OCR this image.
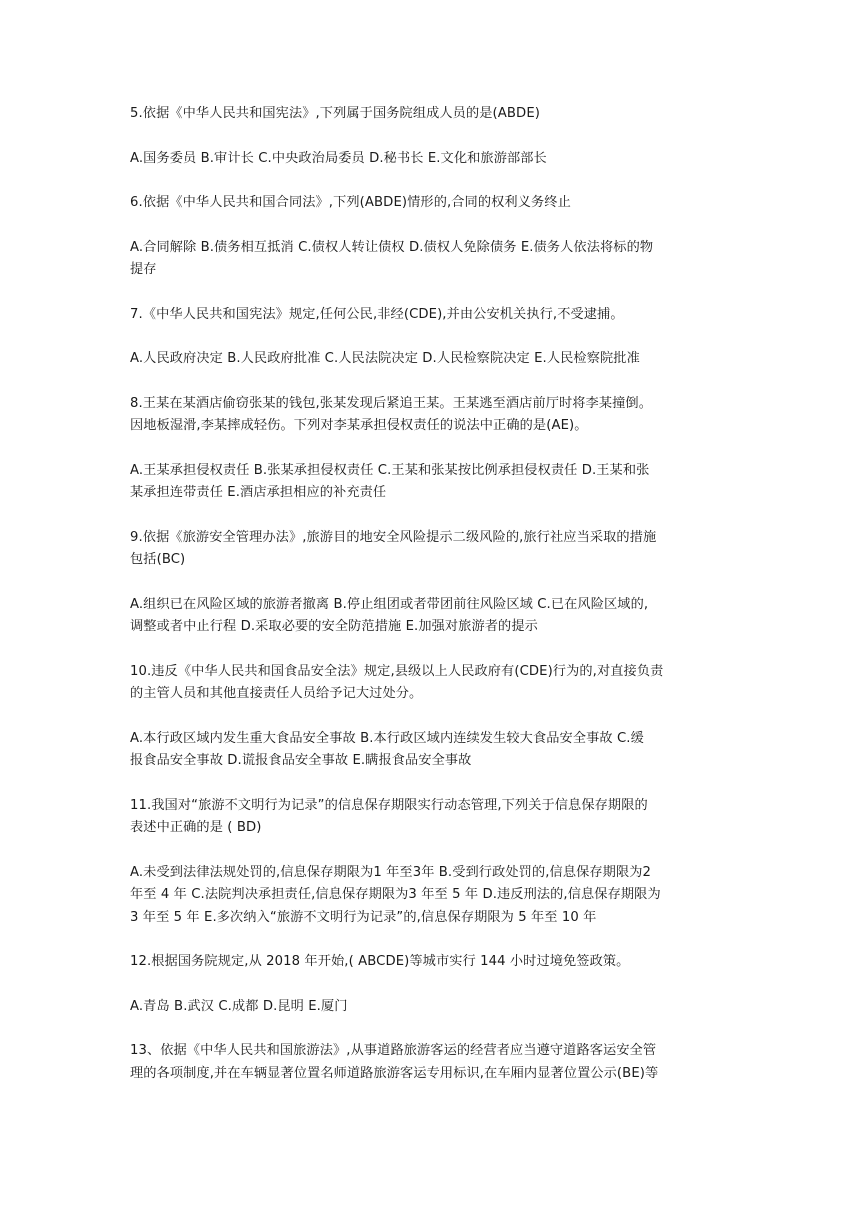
5.依据《中华人民共和国宪法》,下列属于国务院组成人员的是(ABDE)
A.国务委员 B.审计长 C.中央政治局委员 D.秘书长 E.文化和旅游部部长
6.依据《中华人民共和国合同法》,下列(ABDE)情形的,合同的权利义务终止
A.合同解除 B.债务相互抵消 C.债权人转让债权 D.债权人免除债务 E.债务人依法将标的物
提存
7.《中华人民共和国宪法》规定,任何公民,非经(CDE),并由公安机关执行,不受逮捕。
A.人民政府决定 B.人民政府批准 C.人民法院决定 D.人民检察院决定 E.人民检察院批准
8.王某在某酒店偷窃张某的钱包,张某发现后紧追王某。王某逃至酒店前厅时将李某撞倒。
因地板湿滑,李某摔成轻伤。下列对李某承担侵权责任的说法中正确的是(AE)。
A.王某承担侵权责任 B.张某承担侵权责任 C.王某和张某按比例承担侵权责任 D.王某和张
某承担连带责任 E.酒店承担相应的补充责任
9.依据《旅游安全管理办法》,旅游目的地安全风险提示二级风险的,旅行社应当采取的措施
包括(BC)
A.组织已在风险区域的旅游者撤离 B.停止组团或者带团前往风险区域 C.已在风险区域的,
调整或者中止行程 D.采取必要的安全防范措施 E.加强对旅游者的提示
10.违反《中华人民共和国食品安全法》规定,县级以上人民政府有(CDE)行为的,对直接负责
的主管人员和其他直接责任人员给予记大过处分。
A.本行政区域内发生重大食品安全事故 B.本行政区域内连续发生较大食品安全事故 C.缓
报食品安全事故 D.谎报食品安全事故 E.瞒报食品安全事故
11.我国对“旅游不文明行为记录”的信息保存期限实行动态管理,下列关于信息保存期限的
表述中正确的是 ( BD)
A.未受到法律法规处罚的,信息保存期限为1 年至3年 B.受到行政处罚的,信息保存期限为2
年至 4 年 C.法院判决承担责任,信息保存期限为3 年至 5 年 D.违反刑法的,信息保存期限为
3 年至 5 年 E.多次纳入“旅游不文明行为记录”的,信息保存期限为 5 年至 10 年
12.根据国务院规定,从 2018 年开始,( ABCDE)等城市实行 144 小时过境免签政策。
A.青岛 B.武汉 C.成都 D.昆明 E.厦门
13、依据《中华人民共和国旅游法》,从事道路旅游客运的经营者应当遵守道路客运安全管
理的各项制度,并在车辆显著位置名师道路旅游客运专用标识,在车厢内显著位置公示(BE)等
